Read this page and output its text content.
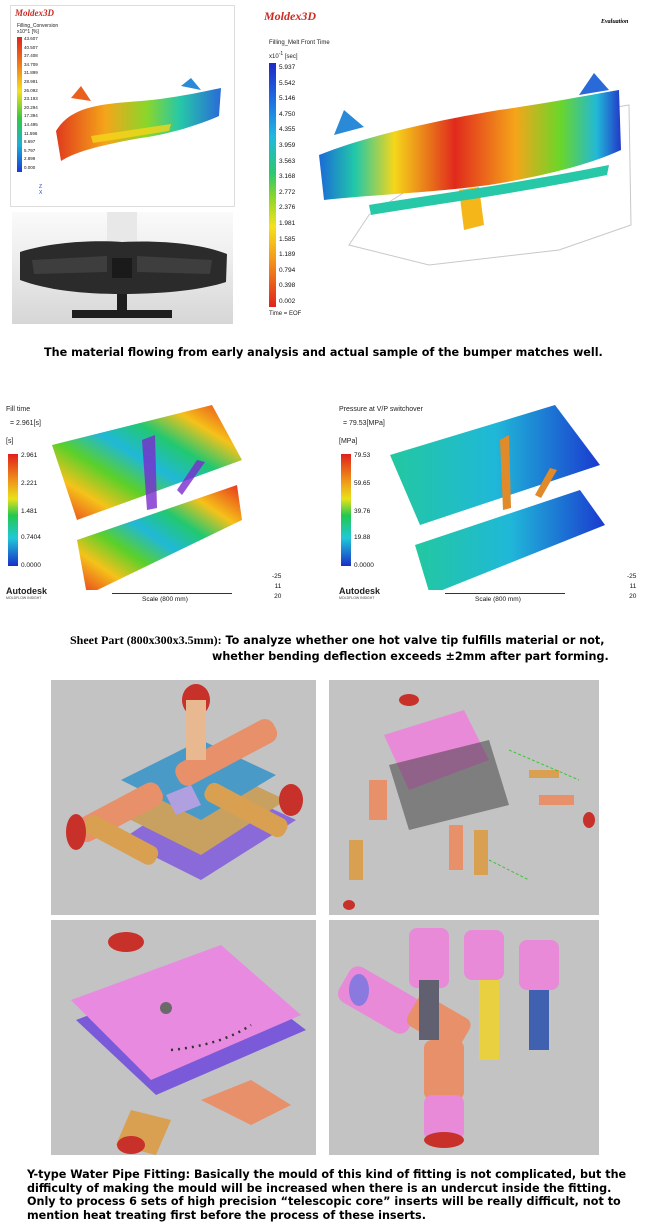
Moldex3D
Filling_Conversion
x10^1 [%]
43.607
40.507
37.408
34.709
31.899
28.991
26.092
23.193
20.294
17.394
14.495
11.596
8.697
5.797
2.899
0.000
Z
X
Moldex3D	Evaluation
Filling_Melt Front Time
$x10^{-1}$ [sec]
5.937
5.542
5.146
4.750
4.355
3.959
3.563
3.168
2.772
2.376
1.981
1.585
1.189
0.794
0.398
0.002
Time = EOF
The material flowing from early analysis and actual sample of the bumper matches well.
Fill time
= 2.961[s]
[s]
2.961
2.221
1.481
0.7404
0.0000
Autodesk
MOLDFLOW INSIGHT	Scale (800 mm)
-25
11
20
Pressure at V/P switchover
= 79.53[MPa]
[MPa]
79.53
59.65
39.76
19.88
0.0000
Autodesk
MOLDFLOW INSIGHT	Scale (800 mm)
-25
11
20
Sheet Part (800x300x3.5mm): To analyze whether one hot valve tip fulfills material or not,
whether bending deflection exceeds ±2mm after part forming.
Y-type Water Pipe Fitting: Basically the mould of this kind of fitting is not complicated, but the
difficulty of making the mould will be increased when there is an undercut inside the fitting.
Only to process 6 sets of high precision “telescopic core” inserts will be really difficult, not to
mention heat treating first before the process of these inserts.
